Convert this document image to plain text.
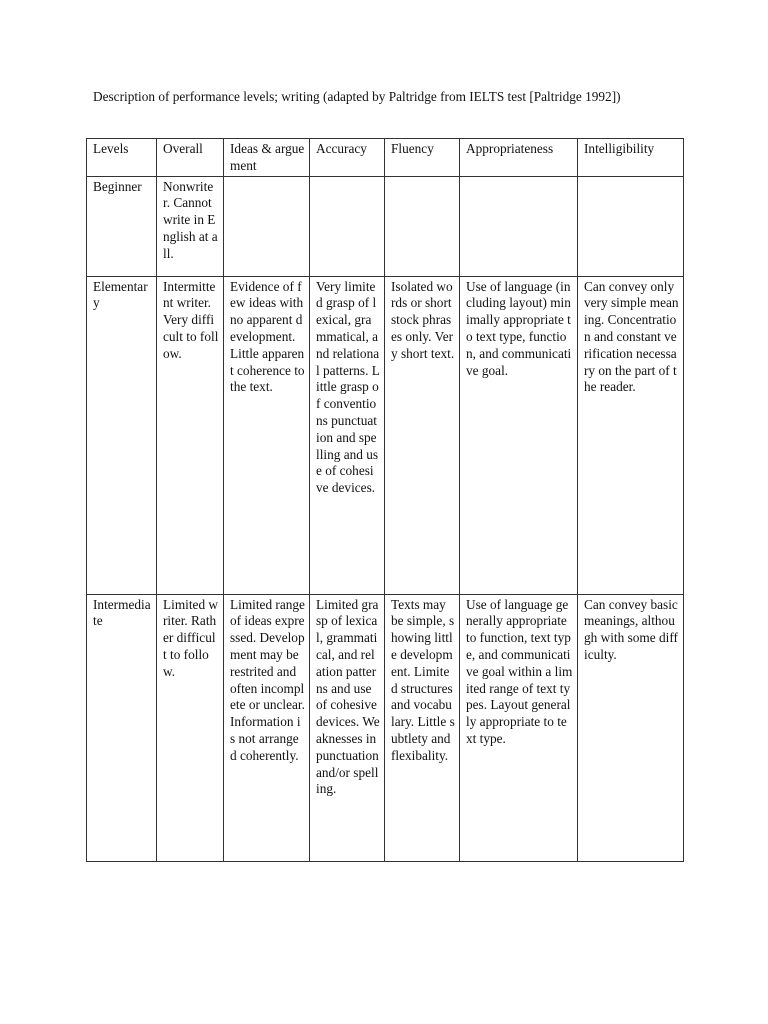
Description of performance levels; writing (adapted by Paltridge from IELTS test [Paltridge 1992])

Levels	Overall	Ideas & arguement	Accuracy	Fluency	Appropriateness	Intelligibility
Beginner	Nonwriter. Cannot write in English at all.					
Elementary	Intermittent writer. Very difficult to follow.	Evidence of few ideas with no apparent development. Little apparent coherence to the text.	Very limited grasp of lexical, grammatical, and relational patterns. Little grasp of conventions punctuation and spelling and use of cohesive devices.	Isolated words or short stock phrases only. Very short text.	Use of language (including layout) minimally appropriate to text type, function, and communicative goal.	Can convey only very simple meaning. Concentration and constant verification necessary on the part of the reader.
Intermediate	Limited writer. Rather difficult to follow.	Limited range of ideas expressed. Development may be restrited and often incomplete or unclear. Information is not arranged coherently.	Limited grasp of lexical, grammatical, and relation patterns and use of cohesive devices. Weaknesses in punctuation and/or spelling.	Texts may be simple, showing little development. Limited structures and vocabulary. Little subtlety and flexibality.	Use of language generally appropriate to function, text type, and communicative goal within a limited range of text types. Layout generally appropriate to text type.	Can convey basic meanings, although with some difficulty.
